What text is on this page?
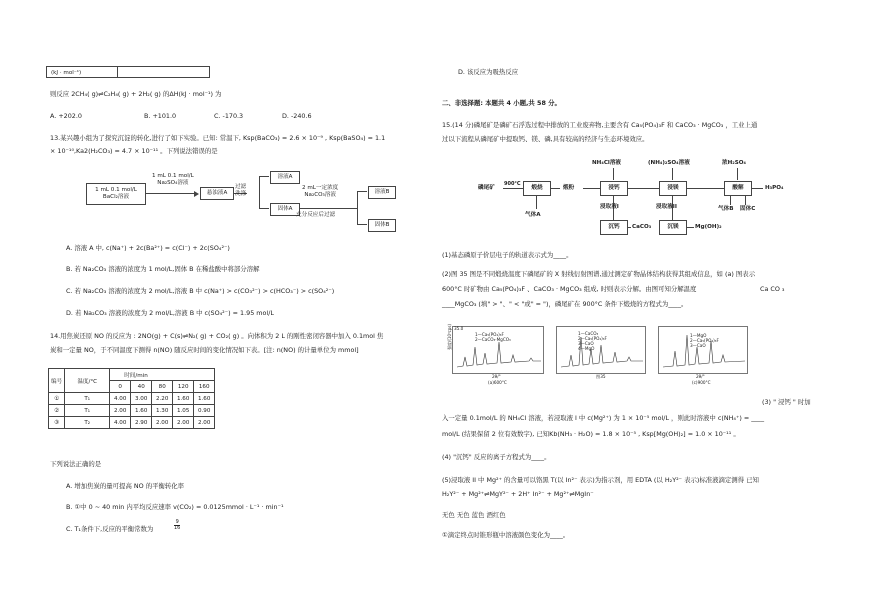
(kJ · mol⁻¹)
则反应 2CH₄( g)⇌C₂H₄( g) + 2H₂( g) 的ΔH(kJ · mol⁻¹) 为
A. +202.0	B. +101.0	C. -170.3	D. -240.6
13.某兴趣小组为了探究沉淀的转化,进行了如下实验。已知: 常温下, Ksp(BaCO₃) = 2.6 × 10⁻⁹ , Ksp(BaSO₄) = 1.1
× 10⁻¹⁰,Ka2(H₂CO₃) = 4.7 × 10⁻¹¹ 。下列说法错误的是
1 mL 0.1 mol/L
BaCl₂溶液
1 mL 0.1 mol/L
Na₂SO₄溶液
悬浊液A
过滤
洗涤
溶液A
固体A
2 mL一定浓度
Na₂CO₃溶液
充分反应后过滤
溶液B
固体B
A. 溶液 A 中, c(Na⁺) + 2c(Ba²⁺) = c(Cl⁻) + 2c(SO₄²⁻)
B. 若 Na₂CO₃ 溶液的浓度为 1 mol/L,固体 B 在稀盐酸中将部分溶解
C. 若 Na₂CO₃ 溶液的浓度为 2 mol/L,溶液 B 中 c(Na⁺) > c(CO₃²⁻) > c(HCO₃⁻) > c(SO₄²⁻)
D. 若 Na₂CO₃ 溶液的浓度为 2 mol/L,溶液 B 中 c(SO₄²⁻) = 1.95 mol/L
14.用焦炭还原 NO 的反应为 : 2NO(g) + C(s)⇌N₂( g) + CO₂( g) 。向体积为 2 L 的刚性密闭容器中加入 0.1mol 焦
炭和一定量 NO，于不同温度下测得 n(NO) 随反应时间的变化情况如下表。[注: n(NO) 的计量单位为 mmol]
编号	温度/°C	时间/min				
		0	40	80	120	160
①	T₁	4.00	3.00	2.20	1.60	1.60
②	T₁	2.00	1.60	1.30	1.05	0.90
③	T₂	4.00	2.90	2.00	2.00	2.00
下列说法正确的是
A. 增加焦炭的量可提高 NO 的平衡转化率
B. ①中 0 ~ 40 min 内平均反应速率 v(CO₂) = 0.0125mmol · L⁻¹ · min⁻¹
C. T₁条件下,反应的平衡常数为	$\frac{9}{16}$
D. 该反应为吸热反应
二、非选择题: 本题共 4 小题,共 58 分。
15.(14 分)磷尾矿是磷矿石浮选过程中排放的工业废弃物,主要含有 Ca₅(PO₄)₃F 和 CaCO₃ · MgCO₃ ，工业上通
过以下流程从磷尾矿中提取钙、镁、磷,具有较高的经济与生态环境效应。
NH₄Cl溶液	(NH₄)₂SO₄溶液	浓H₂SO₄
磷尾矿
900°C
煅烧	煅粉	浸钙	浸镁	酸解	H₃PO₄
气体A
浸取液I	浸取液II	气体B 固体C
沉钙	CaCO₃	沉镁	Mg(OH)₂
(1)基态磷原子价层电子的轨道表示式为____。
(2)图 35 图是不同煅烧温度下磷尾矿的 X 射线衍射图谱,通过测定矿物晶体结构获得其组成信息，如 (a) 图表示
600°C 时矿物由 Ca₅(PO₄)₃F 、CaCO₃ · MgCO₃ 组成, 时则表示分解。由图可知分解温度	Ca CO ₃
____MgCO₃ (填" > "、" < "或" = ")，磷尾矿在 900°C 条件下煅烧的方程式为____。
35.0
1—Ca₅(PO₄)₃F
2—CaCO₃·MgCO₃
强度/(10³cps)
2θ/°
(a)600°C
1—CaCO₃
2—Ca₅(PO₄)₃F
3—CaO
4—MgO
图35
1—MgO
2—Ca₅(PO₄)₃F
3—CaO
2θ/°
(c)900°C
(3) " 浸钙 " 时加
入一定量 0.1mol/L 的 NH₄Cl 溶液，若浸取液 I 中 c(Mg²⁺) 为 1 × 10⁻⁵ mol/L ，则此时溶液中 c(NH₄⁺) = ____
mol/L (结果保留 2 位有效数字), 已知Kb(NH₃ · H₂O) = 1.8 × 10⁻⁵ , Ksp[Mg(OH)₂] = 1.0 × 10⁻¹¹ 。
(4) "沉钙" 反应的离子方程式为____。
(5)浸取液 II 中 Mg²⁺ 的含量可以铬黑 T(以 In²⁻ 表示)为指示剂，用 EDTA (以 H₂Y²⁻ 表示)标准液滴定测得 已知
H₂Y²⁻ + Mg²⁺⇌MgY²⁻ + 2H⁺ In²⁻ + Mg²⁺⇌MgIn⁻
无色 无色 蓝色 酒红色
①滴定终点时锥形瓶中溶液颜色变化为____。
